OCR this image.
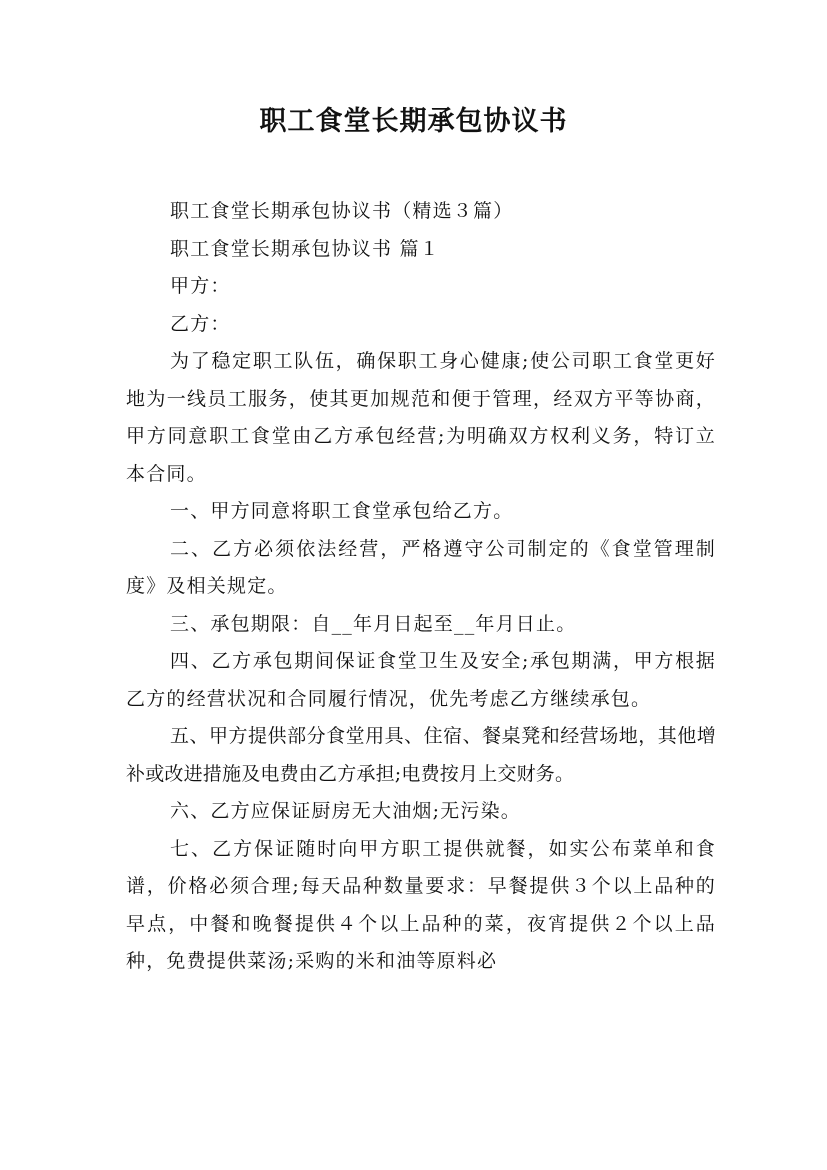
职工食堂长期承包协议书

职工食堂长期承包协议书（精选３篇）

职工食堂长期承包协议书 篇１

甲方：

乙方：

为了稳定职工队伍，确保职工身心健康;使公司职工食堂更好地为一线员工服务，使其更加规范和便于管理，经双方平等协商，甲方同意职工食堂由乙方承包经营;为明确双方权利义务，特订立本合同。

一、甲方同意将职工食堂承包给乙方。

二、乙方必须依法经营，严格遵守公司制定的《食堂管理制度》及相关规定。

三、承包期限：自__年月日起至__年月日止。

四、乙方承包期间保证食堂卫生及安全;承包期满，甲方根据乙方的经营状况和合同履行情况，优先考虑乙方继续承包。

五、甲方提供部分食堂用具、住宿、餐桌凳和经营场地，其他增补或改进措施及电费由乙方承担;电费按月上交财务。

六、乙方应保证厨房无大油烟;无污染。

七、乙方保证随时向甲方职工提供就餐，如实公布菜单和食谱，价格必须合理;每天品种数量要求：早餐提供３个以上品种的早点，中餐和晚餐提供４个以上品种的菜，夜宵提供２个以上品种，免费提供菜汤;采购的米和油等原料必
